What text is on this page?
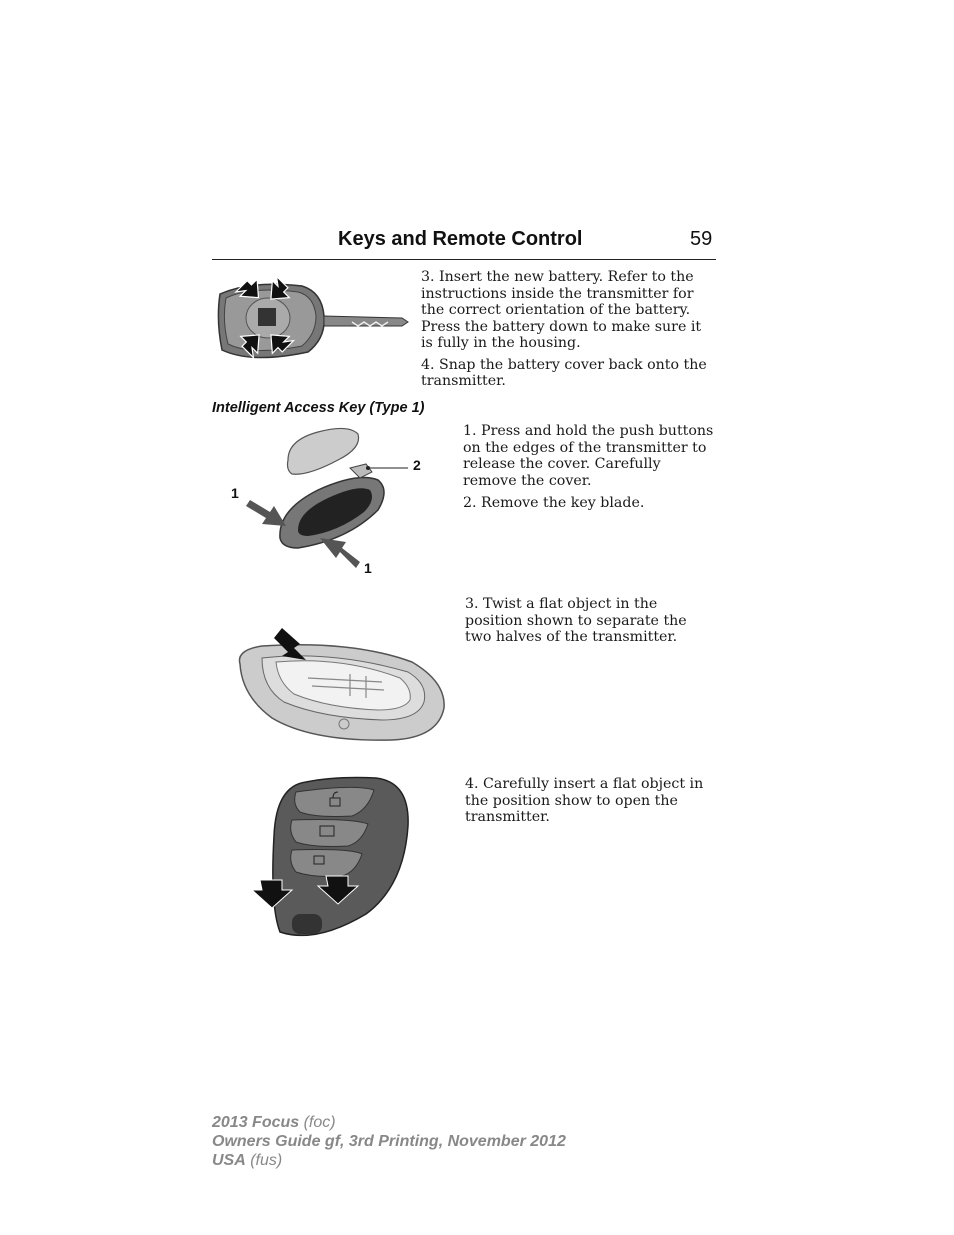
Keys and Remote Control	59

3. Insert the new battery. Refer to the instructions inside the transmitter for the correct orientation of the battery. Press the battery down to make sure it is fully in the housing.

4. Snap the battery cover back onto the transmitter.

Intelligent Access Key (Type 1)
2
1
1

1. Press and hold the push buttons on the edges of the transmitter to release the cover. Carefully remove the cover.

2. Remove the key blade.

3. Twist a flat object in the position shown to separate the two halves of the transmitter.

4. Carefully insert a flat object in the position show to open the transmitter.

2013 Focus (foc)
Owners Guide gf, 3rd Printing, November 2012
USA (fus)
